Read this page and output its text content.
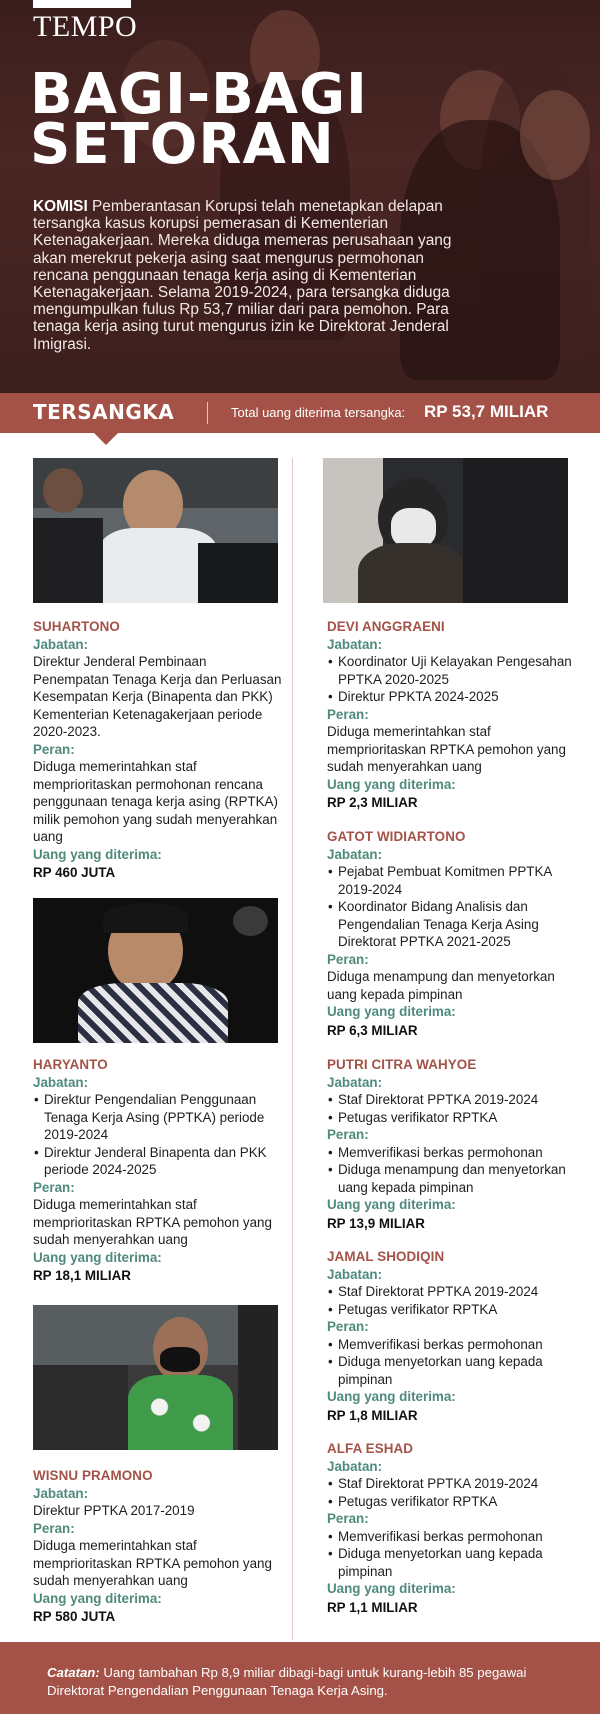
TEMPO
BAGI-BAGI
SETORAN

KOMISI Pemberantasan Korupsi telah menetapkan delapan tersangka kasus korupsi pemerasan di Kementerian Ketenagakerjaan. Mereka diduga memeras perusahaan yang akan merekrut pekerja asing saat mengurus permohonan rencana penggunaan tenaga kerja asing di Kementerian Ketenagakerjaan. Selama 2019-2024, para tersangka diduga mengumpulkan fulus Rp 53,7 miliar dari para pemohon. Para tenaga kerja asing turut mengurus izin ke Direktorat Jenderal Imigrasi.

TERSANGKA	Total uang diterima tersangka: RP 53,7 MILIAR
SUHARTONO
Jabatan:
Direktur Jenderal Pembinaan Penempatan Tenaga Kerja dan Perluasan Kesempatan Kerja (Binapenta dan PKK) Kementerian Ketenagakerjaan periode 2020-2023.
Peran:
Diduga memerintahkan staf memprioritaskan permohonan rencana penggunaan tenaga kerja asing (RPTKA) milik pemohon yang sudah menyerahkan uang
Uang yang diterima:
RP 460 JUTA
HARYANTO
Jabatan:
• Direktur Pengendalian Penggunaan Tenaga Kerja Asing (PPTKA) periode 2019-2024
• Direktur Jenderal Binapenta dan PKK periode 2024-2025
Peran:
Diduga memerintahkan staf memprioritaskan RPTKA pemohon yang sudah menyerahkan uang
Uang yang diterima:
RP 18,1 MILIAR
WISNU PRAMONO
Jabatan:
Direktur PPTKA 2017-2019
Peran:
Diduga memerintahkan staf memprioritaskan RPTKA pemohon yang sudah menyerahkan uang
Uang yang diterima:
RP 580 JUTA
DEVI ANGGRAENI
Jabatan:
• Koordinator Uji Kelayakan Pengesahan PPTKA 2020-2025
• Direktur PPKTA 2024-2025
Peran:
Diduga memerintahkan staf memprioritaskan RPTKA pemohon yang sudah menyerahkan uang
Uang yang diterima:
RP 2,3 MILIAR
GATOT WIDIARTONO
Jabatan:
• Pejabat Pembuat Komitmen PPTKA 2019-2024
• Koordinator Bidang Analisis dan Pengendalian Tenaga Kerja Asing Direktorat PPTKA 2021-2025
Peran:
Diduga menampung dan menyetorkan uang kepada pimpinan
Uang yang diterima:
RP 6,3 MILIAR
PUTRI CITRA WAHYOE
Jabatan:
• Staf Direktorat PPTKA 2019-2024
• Petugas verifikator RPTKA
Peran:
• Memverifikasi berkas permohonan
• Diduga menampung dan menyetorkan uang kepada pimpinan
Uang yang diterima:
RP 13,9 MILIAR
JAMAL SHODIQIN
Jabatan:
• Staf Direktorat PPTKA 2019-2024
• Petugas verifikator RPTKA
Peran:
• Memverifikasi berkas permohonan
• Diduga menyetorkan uang kepada pimpinan
Uang yang diterima:
RP 1,8 MILIAR
ALFA ESHAD
Jabatan:
• Staf Direktorat PPTKA 2019-2024
• Petugas verifikator RPTKA
Peran:
• Memverifikasi berkas permohonan
• Diduga menyetorkan uang kepada pimpinan
Uang yang diterima:
RP 1,1 MILIAR

Catatan: Uang tambahan Rp 8,9 miliar dibagi-bagi untuk kurang-lebih 85 pegawai Direktorat Pengendalian Penggunaan Tenaga Kerja Asing.
